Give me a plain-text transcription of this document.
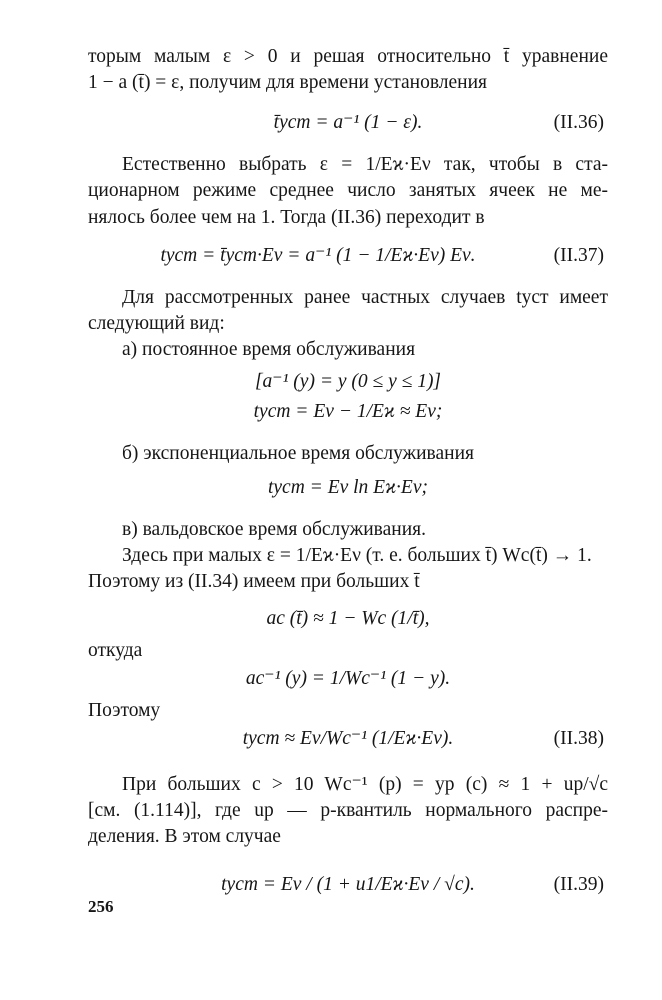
торым малым ε > 0 и решая относительно t̄ уравнение

1 − a (t̄) = ε, получим для времени установления

t̄уст = a⁻¹ (1 − ε).	(II.36)

Естественно выбрать ε = 1/Eϰ·Eν так, чтобы в ста-

ционарном режиме среднее число занятых ячеек не ме-

нялось более чем на 1. Тогда (II.36) переходит в

tуст = t̄уст·Eν = a⁻¹ (1 − 1/Eϰ·Eν) Eν.	(II.37)

Для рассмотренных ранее частных случаев tуст имеет

следующий вид:

а) постоянное время обслуживания

[a⁻¹ (y) = y (0 ≤ y ≤ 1)]
tуст = Eν − 1/Eϰ ≈ Eν;

б) экспоненциальное время обслуживания

tуст = Eν ln Eϰ·Eν;

в) вальдовское время обслуживания.

Здесь при малых ε = 1/Eϰ·Eν (т. е. больших t̄) Wc(t̄) → 1.

Поэтому из (II.34) имеем при больших t̄

ac (t̄) ≈ 1 − Wc (1/t̄),

откуда

ac⁻¹ (y) = 1/Wc⁻¹ (1 − y).

Поэтому

tуст ≈ Eν/Wc⁻¹ (1/Eϰ·Eν).	(II.38)

При больших c > 10 Wc⁻¹ (p) = yp (c) ≈ 1 + up/√c

[см. (1.114)], где up — p-квантиль нормального распре-

деления. В этом случае

tуст = Eν / (1 + u1/Eϰ·Eν / √c).	(II.39)
256
